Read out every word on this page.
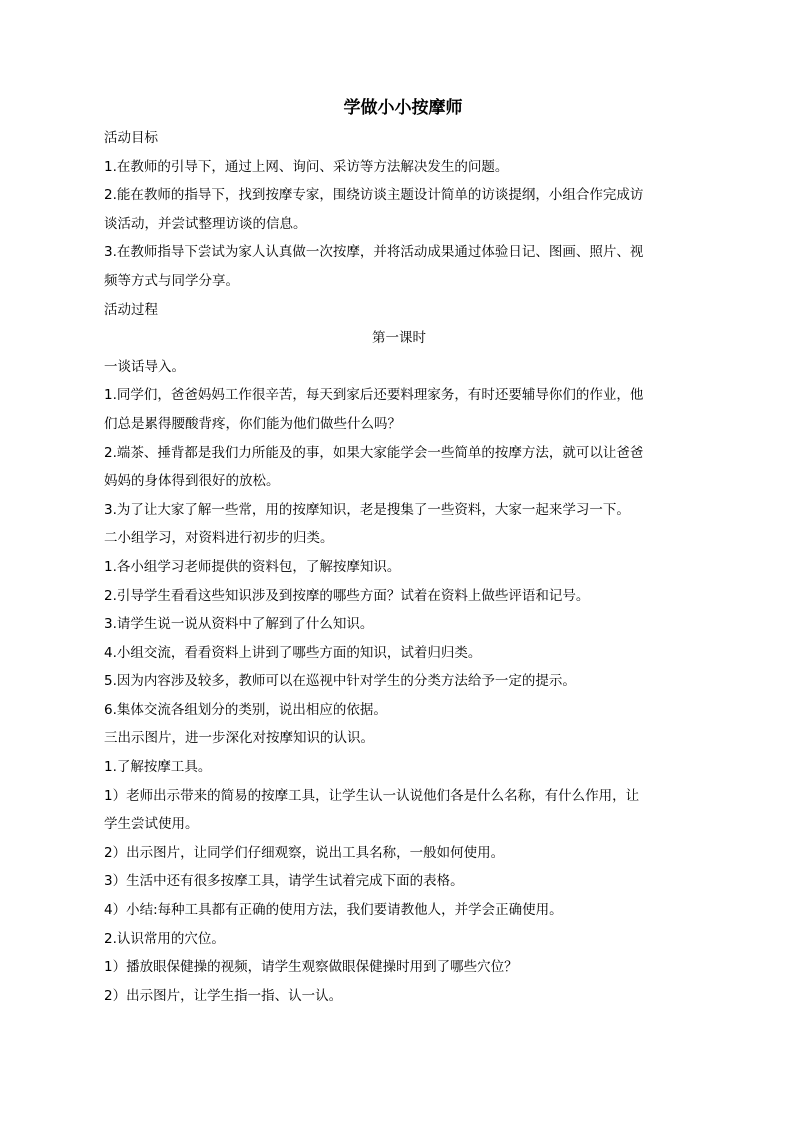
学做小小按摩师

活动目标

1.在教师的引导下，通过上网、询问、采访等方法解决发生的问题。

2.能在教师的指导下，找到按摩专家，围绕访谈主题设计简单的访谈提纲，小组合作完成访

谈活动，并尝试整理访谈的信息。

3.在教师指导下尝试为家人认真做一次按摩，并将活动成果通过体验日记、图画、照片、视

频等方式与同学分享。

活动过程

第一课时

一谈话导入。

1.同学们，爸爸妈妈工作很辛苦，每天到家后还要料理家务，有时还要辅导你们的作业，他

们总是累得腰酸背疼，你们能为他们做些什么吗？

2.端茶、捶背都是我们力所能及的事，如果大家能学会一些简单的按摩方法，就可以让爸爸

妈妈的身体得到很好的放松。

3.为了让大家了解一些常，用的按摩知识，老是搜集了一些资料，大家一起来学习一下。

二小组学习，对资料进行初步的归类。

1.各小组学习老师提供的资料包，了解按摩知识。

2.引导学生看看这些知识涉及到按摩的哪些方面？试着在资料上做些评语和记号。

3.请学生说一说从资料中了解到了什么知识。

4.小组交流，看看资料上讲到了哪些方面的知识，试着归归类。

5.因为内容涉及较多，教师可以在巡视中针对学生的分类方法给予一定的提示。

6.集体交流各组划分的类别，说出相应的依据。

三出示图片，进一步深化对按摩知识的认识。

1.了解按摩工具。

1）老师出示带来的简易的按摩工具，让学生认一认说他们各是什么名称，有什么作用，让

学生尝试使用。

2）出示图片，让同学们仔细观察，说出工具名称，一般如何使用。

3）生活中还有很多按摩工具，请学生试着完成下面的表格。

4）小结:每种工具都有正确的使用方法，我们要请教他人，并学会正确使用。

2.认识常用的穴位。

1）播放眼保健操的视频，请学生观察做眼保健操时用到了哪些穴位？

2）出示图片，让学生指一指、认一认。
